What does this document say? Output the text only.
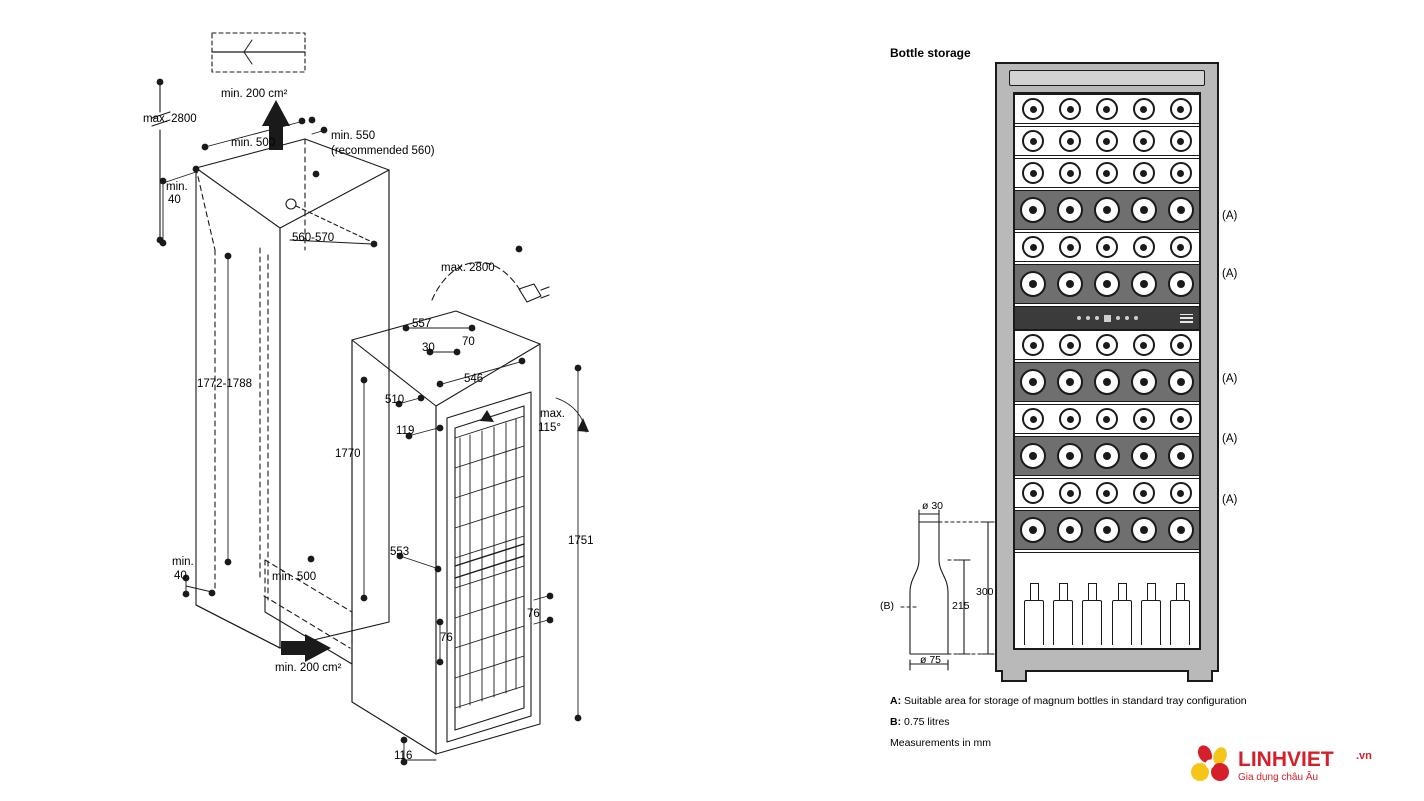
min. 200 cm²
max. 2800
min. 500
min. 550
(recommended 560)
min.
40
560-570
max. 2800
557
30 70
546
510
1772-1788
119
max.
115°
1770
1751
553
min.
40	min. 500
76
76
min. 200 cm²
116
Bottle storage
(A)
(A)
(A)
(A)
(A)
ø 30
ø 75
(B)	215
300
A: Suitable area for storage of magnum bottles in standard tray configuration
B: 0.75 litres
Measurements in mm
LINHVIET .vn
Gia dụng châu Âu
